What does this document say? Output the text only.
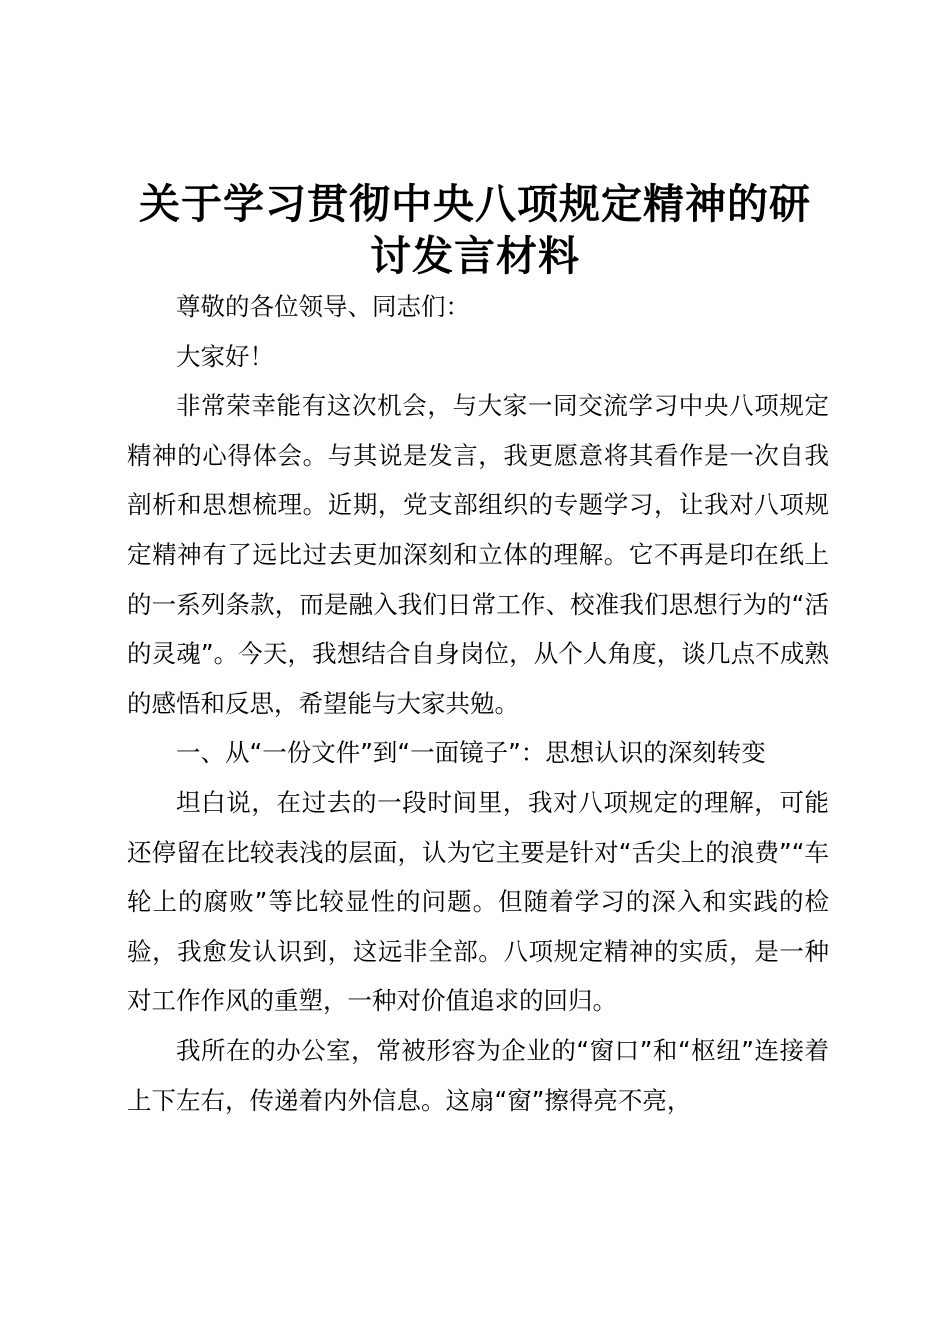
关于学习贯彻中央八项规定精神的研讨发言材料

尊敬的各位领导、同志们：

大家好！

非常荣幸能有这次机会，与大家一同交流学习中央八项规定精神的心得体会。与其说是发言，我更愿意将其看作是一次自我剖析和思想梳理。近期，党支部组织的专题学习，让我对八项规定精神有了远比过去更加深刻和立体的理解。它不再是印在纸上的一系列条款，而是融入我们日常工作、校准我们思想行为的“活的灵魂”。今天，我想结合自身岗位，从个人角度，谈几点不成熟的感悟和反思，希望能与大家共勉。

一、从“一份文件”到“一面镜子”：思想认识的深刻转变

坦白说，在过去的一段时间里，我对八项规定的理解，可能还停留在比较表浅的层面，认为它主要是针对“舌尖上的浪费”“车轮上的腐败”等比较显性的问题。但随着学习的深入和实践的检验，我愈发认识到，这远非全部。八项规定精神的实质，是一种对工作作风的重塑，一种对价值追求的回归。

我所在的办公室，常被形容为企业的“窗口”和“枢纽”连接着上下左右，传递着内外信息。这扇“窗”擦得亮不亮，
